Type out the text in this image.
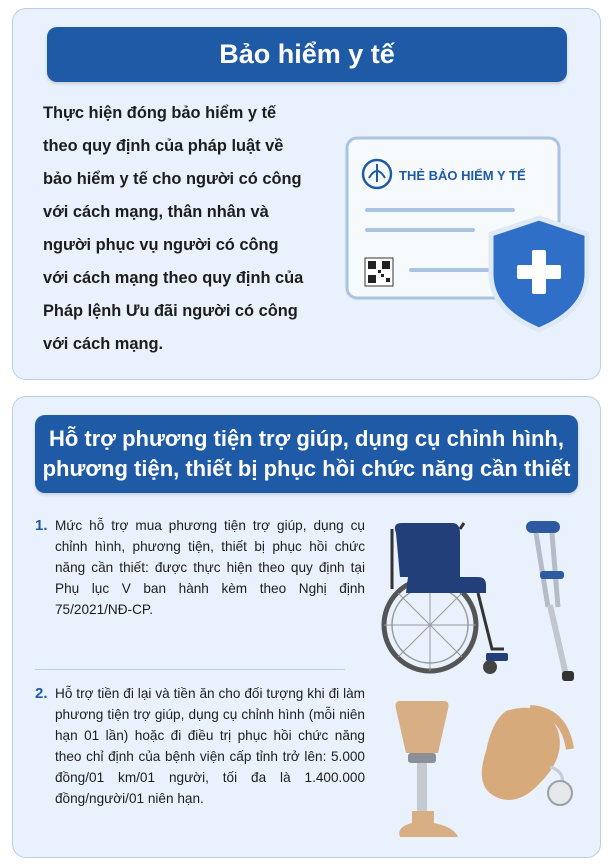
Bảo hiểm y tế
Thực hiện đóng bảo hiểm y tế
theo quy định của pháp luật về
bảo hiểm y tế cho người có công
với cách mạng, thân nhân và
người phục vụ người có công
với cách mạng theo quy định của
Pháp lệnh Ưu đãi người có công
với cách mạng.
THẺ BẢO HIỂM Y TẾ
Hỗ trợ phương tiện trợ giúp, dụng cụ chỉnh hình,
phương tiện, thiết bị phục hồi chức năng cần thiết
1. Mức hỗ trợ mua phương tiện trợ giúp, dụng cụ chỉnh hình, phương tiện, thiết bị phục hồi chức năng cần thiết: được thực hiện theo quy định tại Phụ lục V ban hành kèm theo Nghị định 75/2021/NĐ-CP.
2. Hỗ trợ tiền đi lại và tiền ăn cho đối tượng khi đi làm phương tiện trợ giúp, dụng cụ chỉnh hình (mỗi niên hạn 01 lần) hoặc đi điều trị phục hồi chức năng theo chỉ định của bệnh viện cấp tỉnh trở lên: 5.000 đồng/01 km/01 người, tối đa là 1.400.000 đồng/người/01 niên hạn.
